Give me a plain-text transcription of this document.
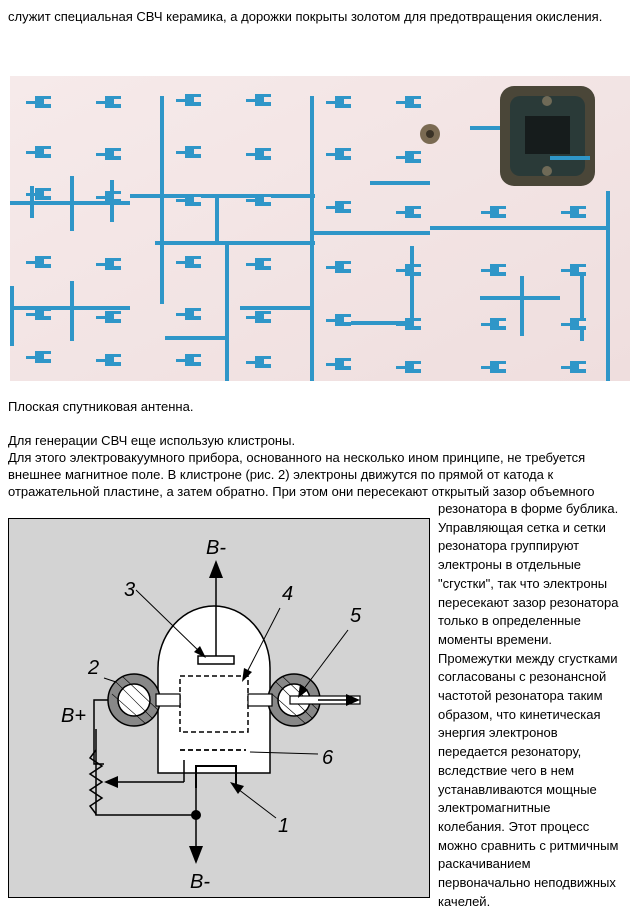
служит специальная СВЧ керамика, а дорожки покрыты золотом для предотвращения окисления.

Плоская спутниковая антенна.

Для генерации СВЧ еще использую клистроны.
Для этого электровакуумного прибора, основанного на несколько ином принципе, не требуется
внешнее магнитное поле. В клистроне (рис. 2) электроны движутся по прямой от катода к
отражательной пластине, а затем обратно. При этом они пересекают открытый зазор объемного
B-
B+
B-
3	4
5
2
6
1
резонатора в форме бублика.
Управляющая сетка и сетки
резонатора группируют
электроны в отдельные
"сгустки", так что электроны
пересекают зазор резонатора
только в определенные
моменты времени.
Промежутки между сгустками
согласованы с резонансной
частотой резонатора таким
образом, что кинетическая
энергия электронов
передается резонатору,
вследствие чего в нем
устанавливаются мощные
электромагнитные
колебания. Этот процесс
можно сравнить с ритмичным
раскачиванием
первоначально неподвижных
качелей.
